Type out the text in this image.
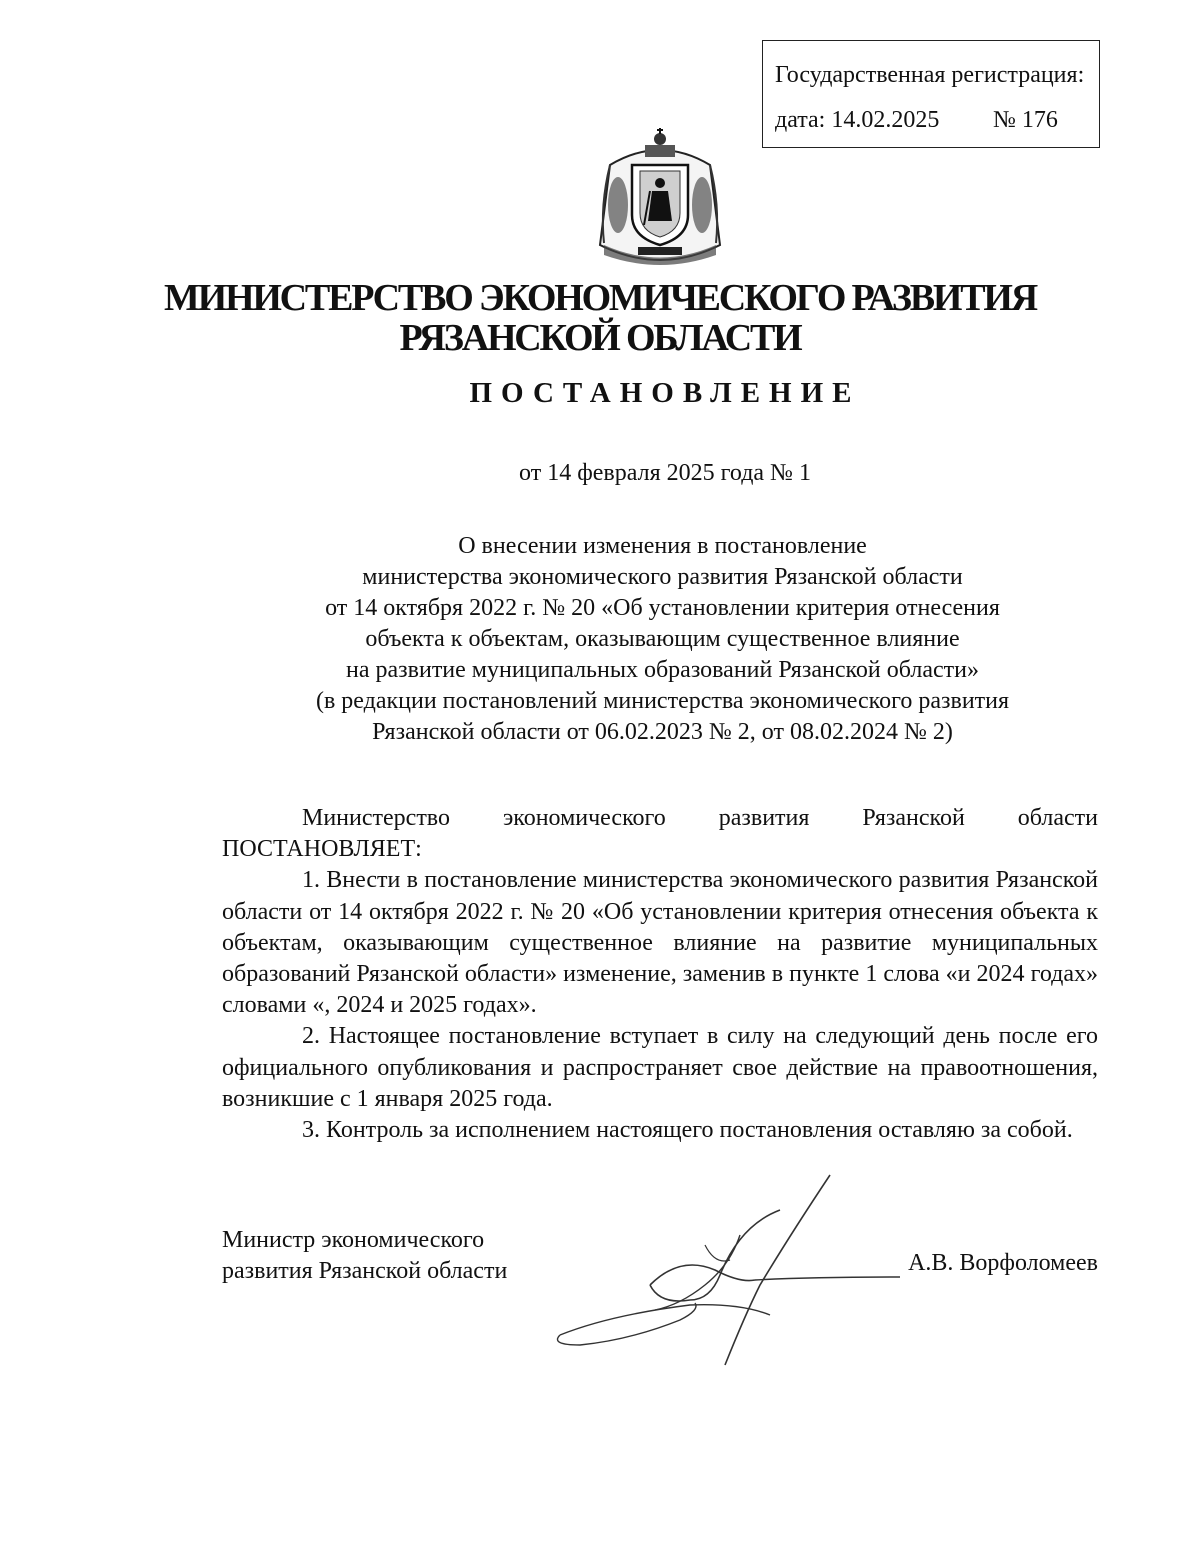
Государственная регистрация:
дата: 14.02.2025 № 176
МИНИСТЕРСТВО ЭКОНОМИЧЕСКОГО РАЗВИТИЯ
РЯЗАНСКОЙ ОБЛАСТИ
ПОСТАНОВЛЕНИЕ
от 14 февраля 2025 года № 1
О внесении изменения в постановление
министерства экономического развития Рязанской области
от 14 октября 2022 г. № 20 «Об установлении критерия отнесения
объекта к объектам, оказывающим существенное влияние
на развитие муниципальных образований Рязанской области»
(в редакции постановлений министерства экономического развития
Рязанской области от 06.02.2023 № 2, от 08.02.2024 № 2)

Министерство экономического развития Рязанской области ПОСТАНОВЛЯЕТ:

1. Внести в постановление министерства экономического развития Рязанской области от 14 октября 2022 г. № 20 «Об установлении критерия отнесения объекта к объектам, оказывающим существенное влияние на развитие муниципальных образований Рязанской области» изменение, заменив в пункте 1 слова «и 2024 годах» словами «, 2024 и 2025 годах».

2. Настоящее постановление вступает в силу на следующий день после его официального опубликования и распространяет свое действие на правоотношения, возникшие с 1 января 2025 года.

3. Контроль за исполнением настоящего постановления оставляю за собой.

Министр экономического
развития Рязанской области	А.В. Ворфоломеев
